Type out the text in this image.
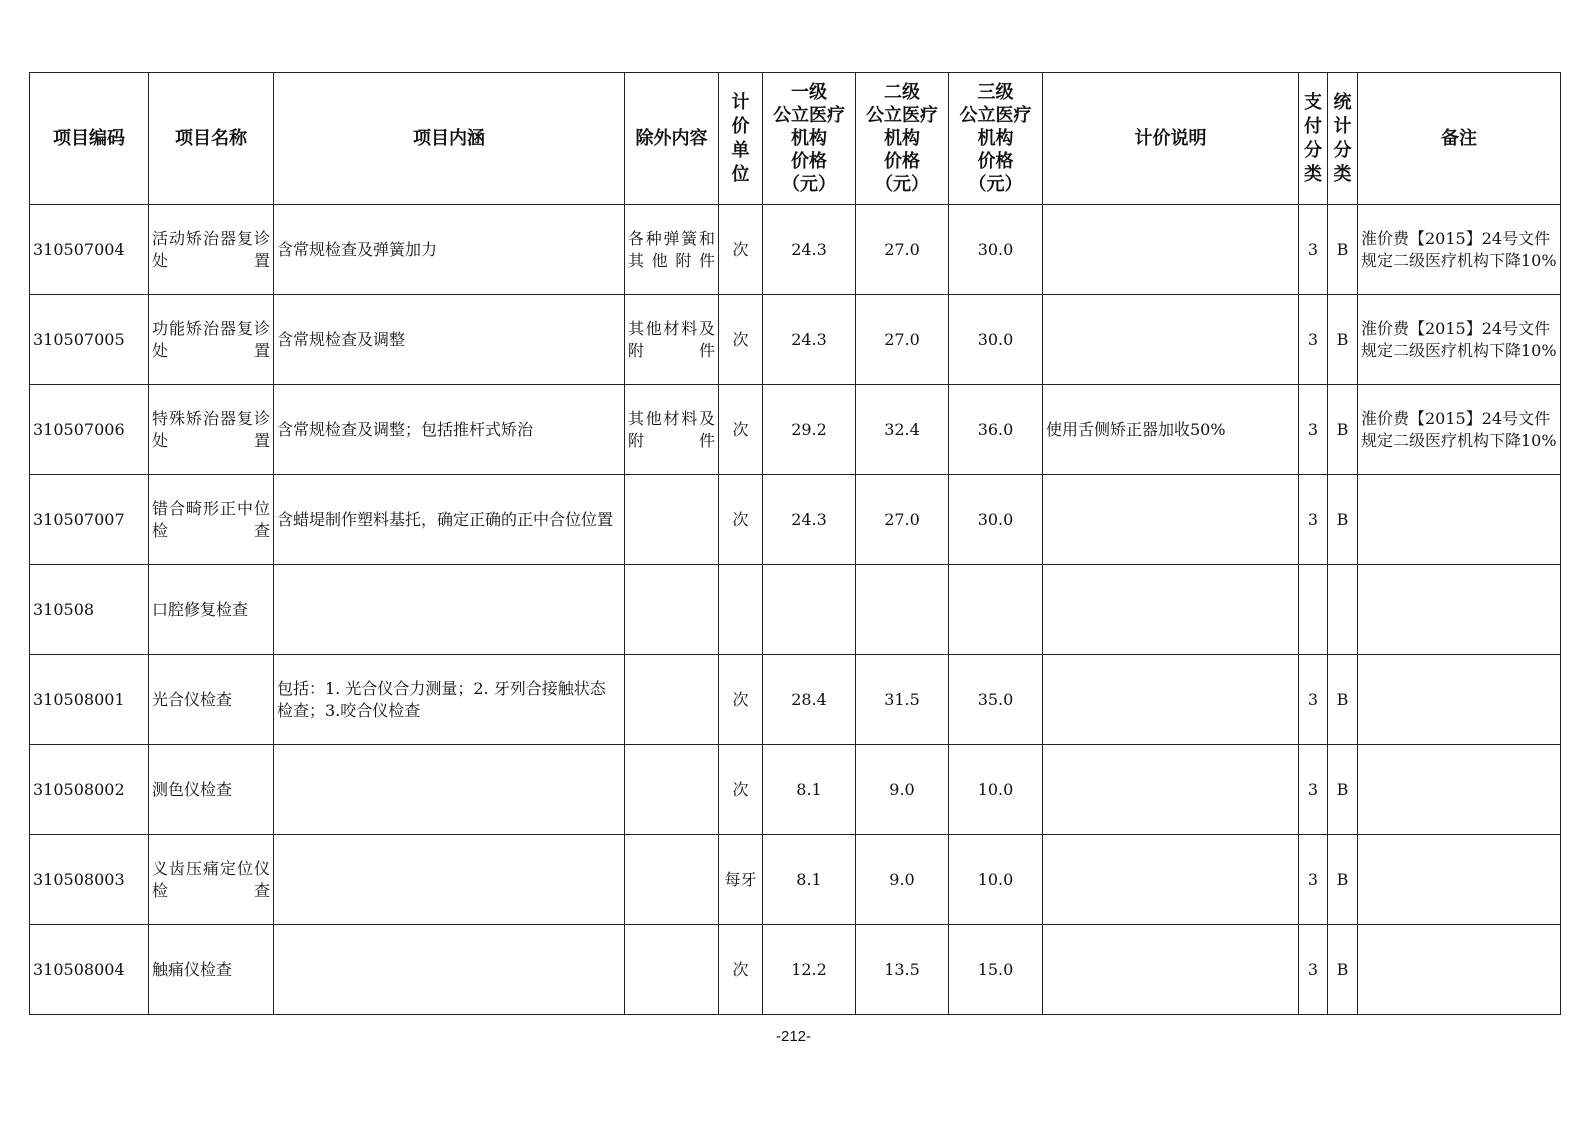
项目编码	项目名称	项目内涵	除外内容	计价单位	一级
公立医疗
机构
价格
（元）	二级
公立医疗
机构
价格
（元）	三级
公立医疗
机构
价格
（元）	计价说明	支付分类	统计分类	备注
310507004	活动矫治器复诊处置	含常规检查及弹簧加力	各种弹簧和其他附件	次	24.3	27.0	30.0		3	B	淮价费【2015】24号文件规定二级医疗机构下降10%
310507005	功能矫治器复诊处置	含常规检查及调整	其他材料及附件	次	24.3	27.0	30.0		3	B	淮价费【2015】24号文件规定二级医疗机构下降10%
310507006	特殊矫治器复诊处置	含常规检查及调整；包括推杆式矫治	其他材料及附件	次	29.2	32.4	36.0	使用舌侧矫正器加收50%	3	B	淮价费【2015】24号文件规定二级医疗机构下降10%
310507007	错合畸形正中位检查	含蜡堤制作塑料基托，确定正确的正中合位位置		次	24.3	27.0	30.0		3	B	
310508	口腔修复检查										
310508001	光合仪检查	包括：1. 光合仪合力测量；2. 牙列合接触状态检查；3.咬合仪检查		次	28.4	31.5	35.0		3	B	
310508002	测色仪检查			次	8.1	9.0	10.0		3	B	
310508003	义齿压痛定位仪检查			每牙	8.1	9.0	10.0		3	B	
310508004	触痛仪检查			次	12.2	13.5	15.0		3	B	
-212-
